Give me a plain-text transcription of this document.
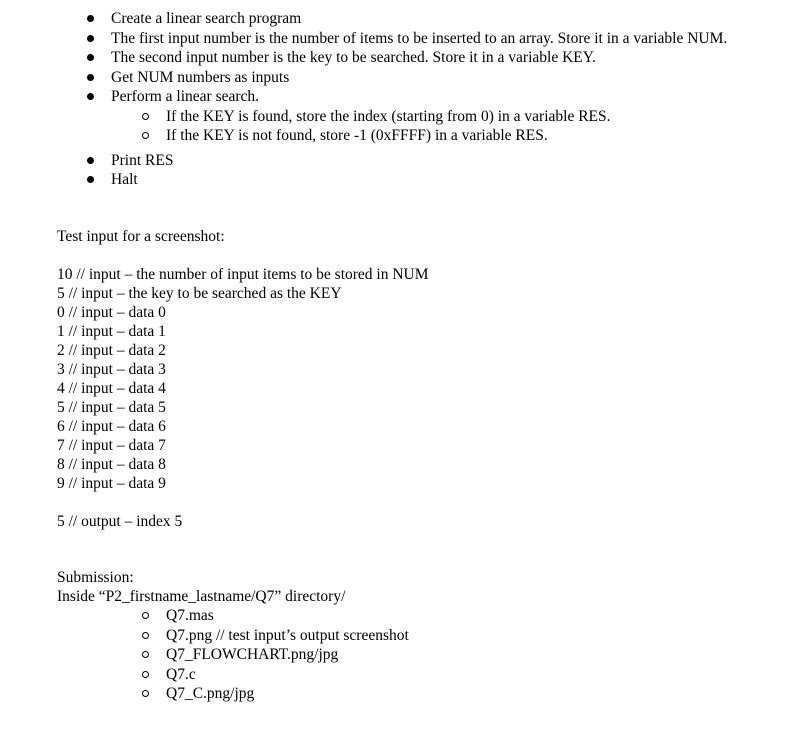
Create a linear search program
The first input number is the number of items to be inserted to an array. Store it in a variable NUM.
The second input number is the key to be searched. Store it in a variable KEY.
Get NUM numbers as inputs
Perform a linear search.
If the KEY is found, store the index (starting from 0) in a variable RES.
If the KEY is not found, store -1 (0xFFFF) in a variable RES.
Print RES
Halt
Test input for a screenshot:
10 // input – the number of input items to be stored in NUM
5 // input – the key to be searched as the KEY
0 // input – data 0
1 // input – data 1
2 // input – data 2
3 // input – data 3
4 // input – data 4
5 // input – data 5
6 // input – data 6
7 // input – data 7
8 // input – data 8
9 // input – data 9
5 // output – index 5
Submission:
Inside “P2_firstname_lastname/Q7” directory/
Q7.mas
Q7.png // test input’s output screenshot
Q7_FLOWCHART.png/jpg
Q7.c
Q7_C.png/jpg
